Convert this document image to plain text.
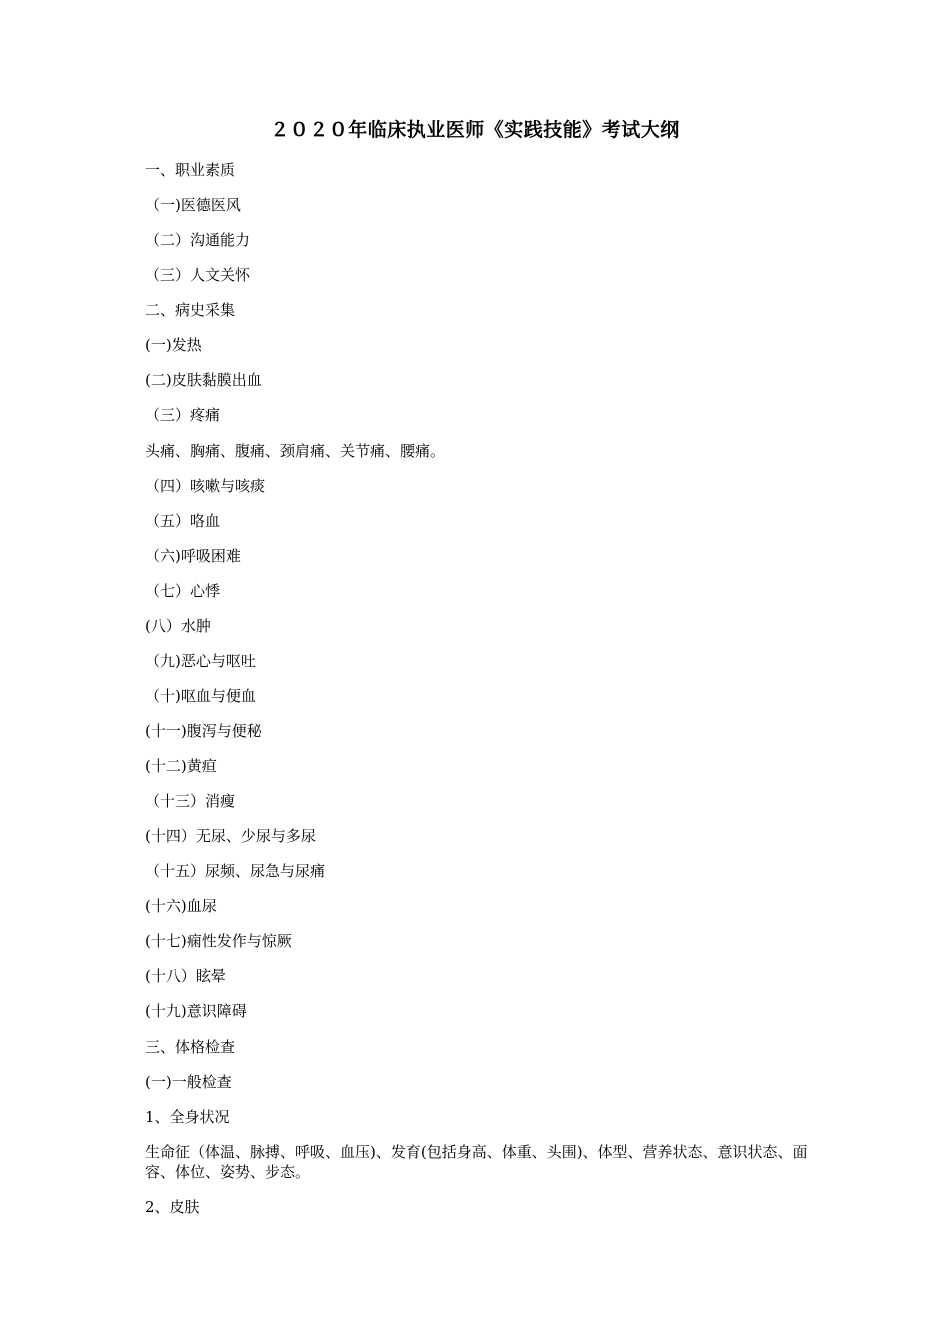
２０２０年临床执业医师《实践技能》考试大纲
一、职业素质
（一)医德医风
（二）沟通能力
（三）人文关怀
二、病史采集
(一)发热
(二)皮肤黏膜出血
（三）疼痛
头痛、胸痛、腹痛、颈肩痛、关节痛、腰痛。
（四）咳嗽与咳痰
（五）咯血
（六)呼吸困难
（七）心悸
(八）水肿
（九)恶心与呕吐
（十)呕血与便血
(十一)腹泻与便秘
(十二)黄疸
（十三）消瘦
(十四）无尿、少尿与多尿
（十五）尿频、尿急与尿痛
(十六)血尿
(十七)痫性发作与惊厥
(十八）眩晕
(十九)意识障碍
三、体格检查
(一)一般检查
1、全身状况
生命征（体温、脉搏、呼吸、血压)、发育(包括身高、体重、头围)、体型、营养状态、意识状态、面容、体位、姿势、步态。
2、皮肤
